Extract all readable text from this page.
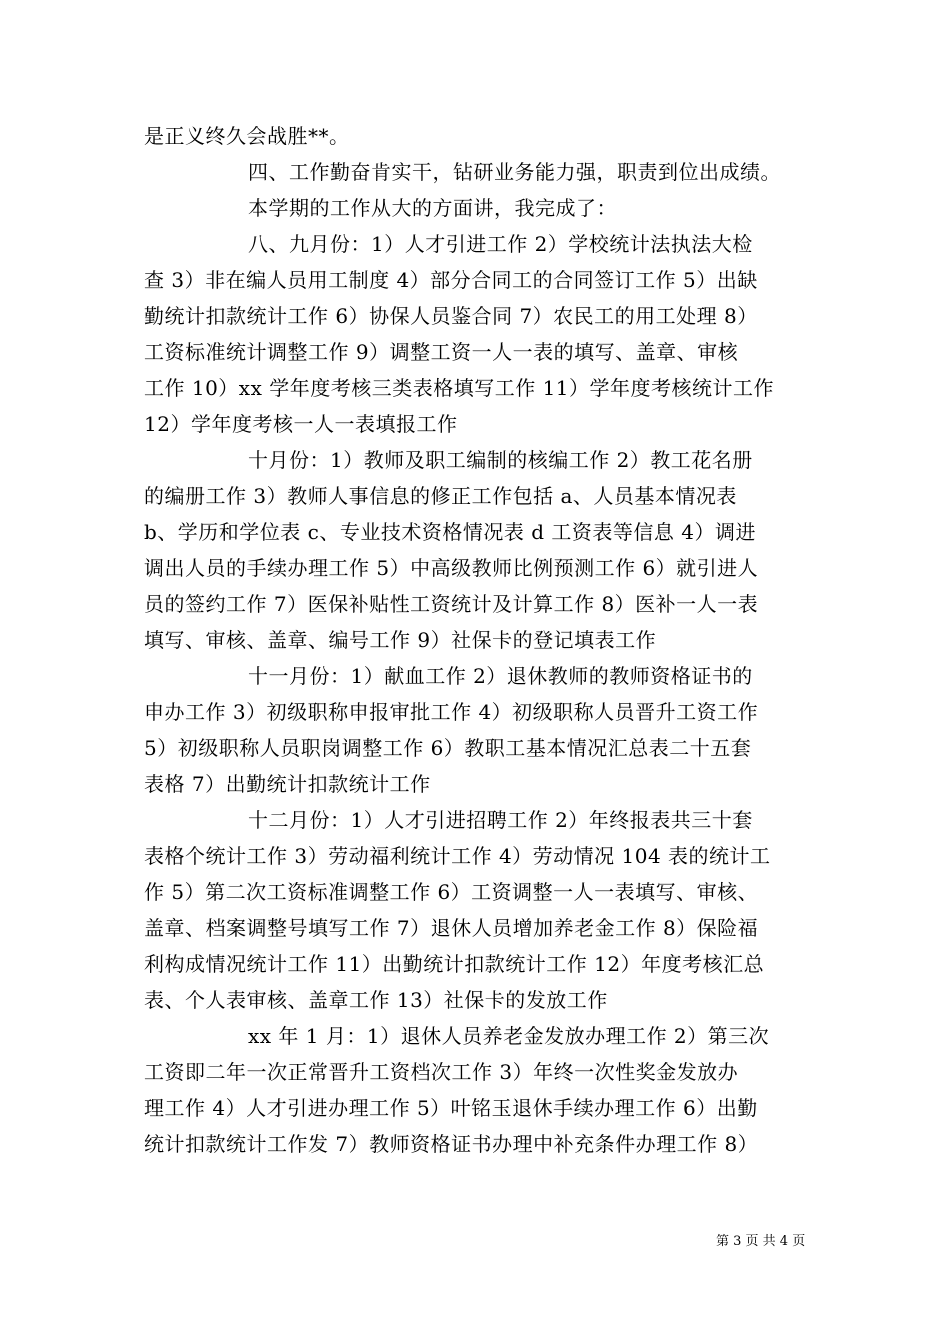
是正义终久会战胜**。
四、工作勤奋肯实干，钻研业务能力强，职责到位出成绩。
本学期的工作从大的方面讲，我完成了：
八、九月份：1）人才引进工作 2）学校统计法执法大检
查 3）非在编人员用工制度 4）部分合同工的合同签订工作 5）出缺
勤统计扣款统计工作 6）协保人员鉴合同 7）农民工的用工处理 8）
工资标准统计调整工作 9）调整工资一人一表的填写、盖章、审核
工作 10）xx 学年度考核三类表格填写工作 11）学年度考核统计工作
12）学年度考核一人一表填报工作
十月份：1）教师及职工编制的核编工作 2）教工花名册
的编册工作 3）教师人事信息的修正工作包括 a、人员基本情况表
b、学历和学位表 c、专业技术资格情况表 d 工资表等信息 4）调进
调出人员的手续办理工作 5）中高级教师比例预测工作 6）就引进人
员的签约工作 7）医保补贴性工资统计及计算工作 8）医补一人一表
填写、审核、盖章、编号工作 9）社保卡的登记填表工作
十一月份：1）献血工作 2）退休教师的教师资格证书的
申办工作 3）初级职称申报审批工作 4）初级职称人员晋升工资工作
5）初级职称人员职岗调整工作 6）教职工基本情况汇总表二十五套
表格 7）出勤统计扣款统计工作
十二月份：1）人才引进招聘工作 2）年终报表共三十套
表格个统计工作 3）劳动福利统计工作 4）劳动情况 104 表的统计工
作 5）第二次工资标准调整工作 6）工资调整一人一表填写、审核、
盖章、档案调整号填写工作 7）退休人员增加养老金工作 8）保险福
利构成情况统计工作 11）出勤统计扣款统计工作 12）年度考核汇总
表、个人表审核、盖章工作 13）社保卡的发放工作
xx 年 1 月：1）退休人员养老金发放办理工作 2）第三次
工资即二年一次正常晋升工资档次工作 3）年终一次性奖金发放办
理工作 4）人才引进办理工作 5）叶铭玉退休手续办理工作 6）出勤
统计扣款统计工作发 7）教师资格证书办理中补充条件办理工作 8）
第 3 页 共 4 页
